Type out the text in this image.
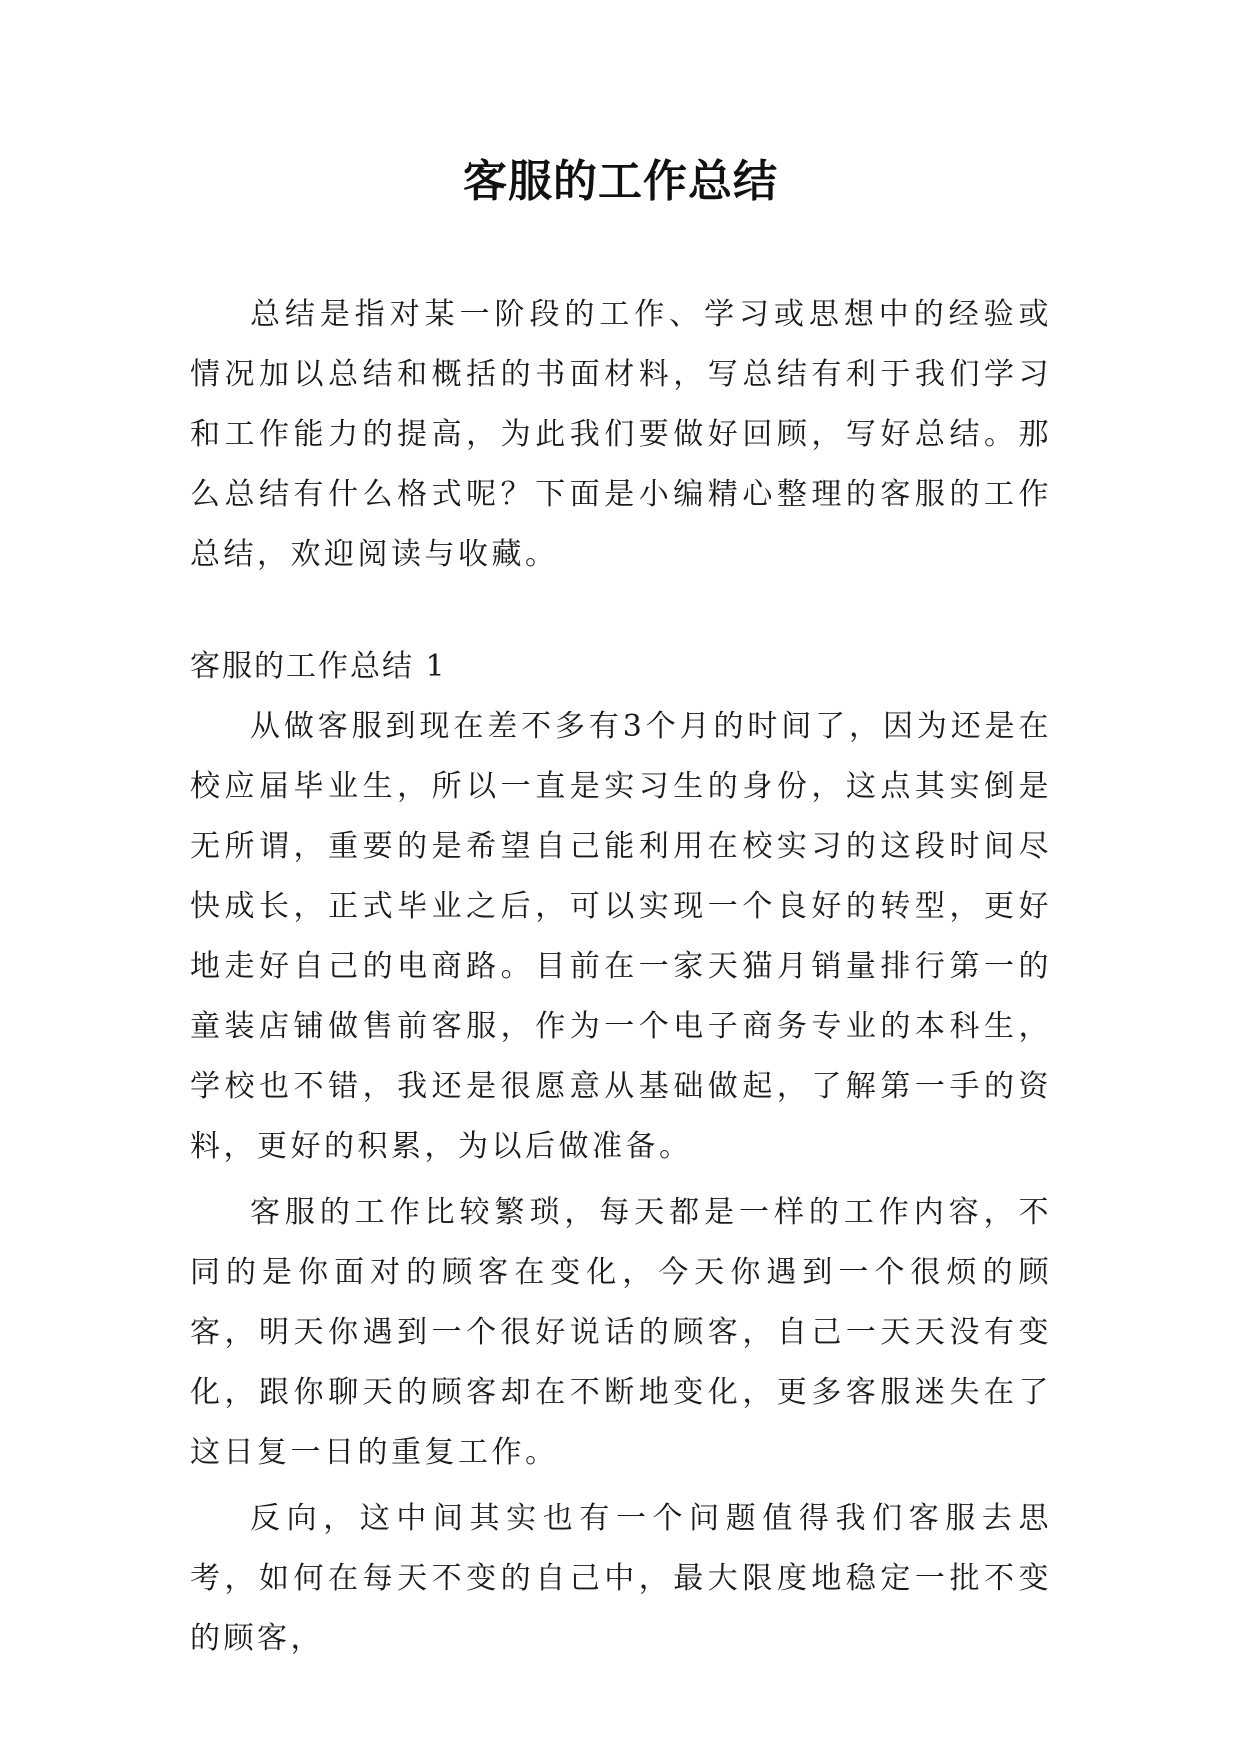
客服的工作总结

总结是指对某一阶段的工作、学习或思想中的经验或情况加以总结和概括的书面材料，写总结有利于我们学习和工作能力的提高，为此我们要做好回顾，写好总结。那么总结有什么格式呢？下面是小编精心整理的客服的工作总结，欢迎阅读与收藏。

客服的工作总结 1

从做客服到现在差不多有3个月的时间了，因为还是在校应届毕业生，所以一直是实习生的身份，这点其实倒是无所谓，重要的是希望自己能利用在校实习的这段时间尽快成长，正式毕业之后，可以实现一个良好的转型，更好地走好自己的电商路。目前在一家天猫月销量排行第一的童装店铺做售前客服，作为一个电子商务专业的本科生，学校也不错，我还是很愿意从基础做起，了解第一手的资料，更好的积累，为以后做准备。

客服的工作比较繁琐，每天都是一样的工作内容，不同的是你面对的顾客在变化，今天你遇到一个很烦的顾客，明天你遇到一个很好说话的顾客，自己一天天没有变化，跟你聊天的顾客却在不断地变化，更多客服迷失在了这日复一日的重复工作。

反向，这中间其实也有一个问题值得我们客服去思考，如何在每天不变的自己中，最大限度地稳定一批不变的顾客，
